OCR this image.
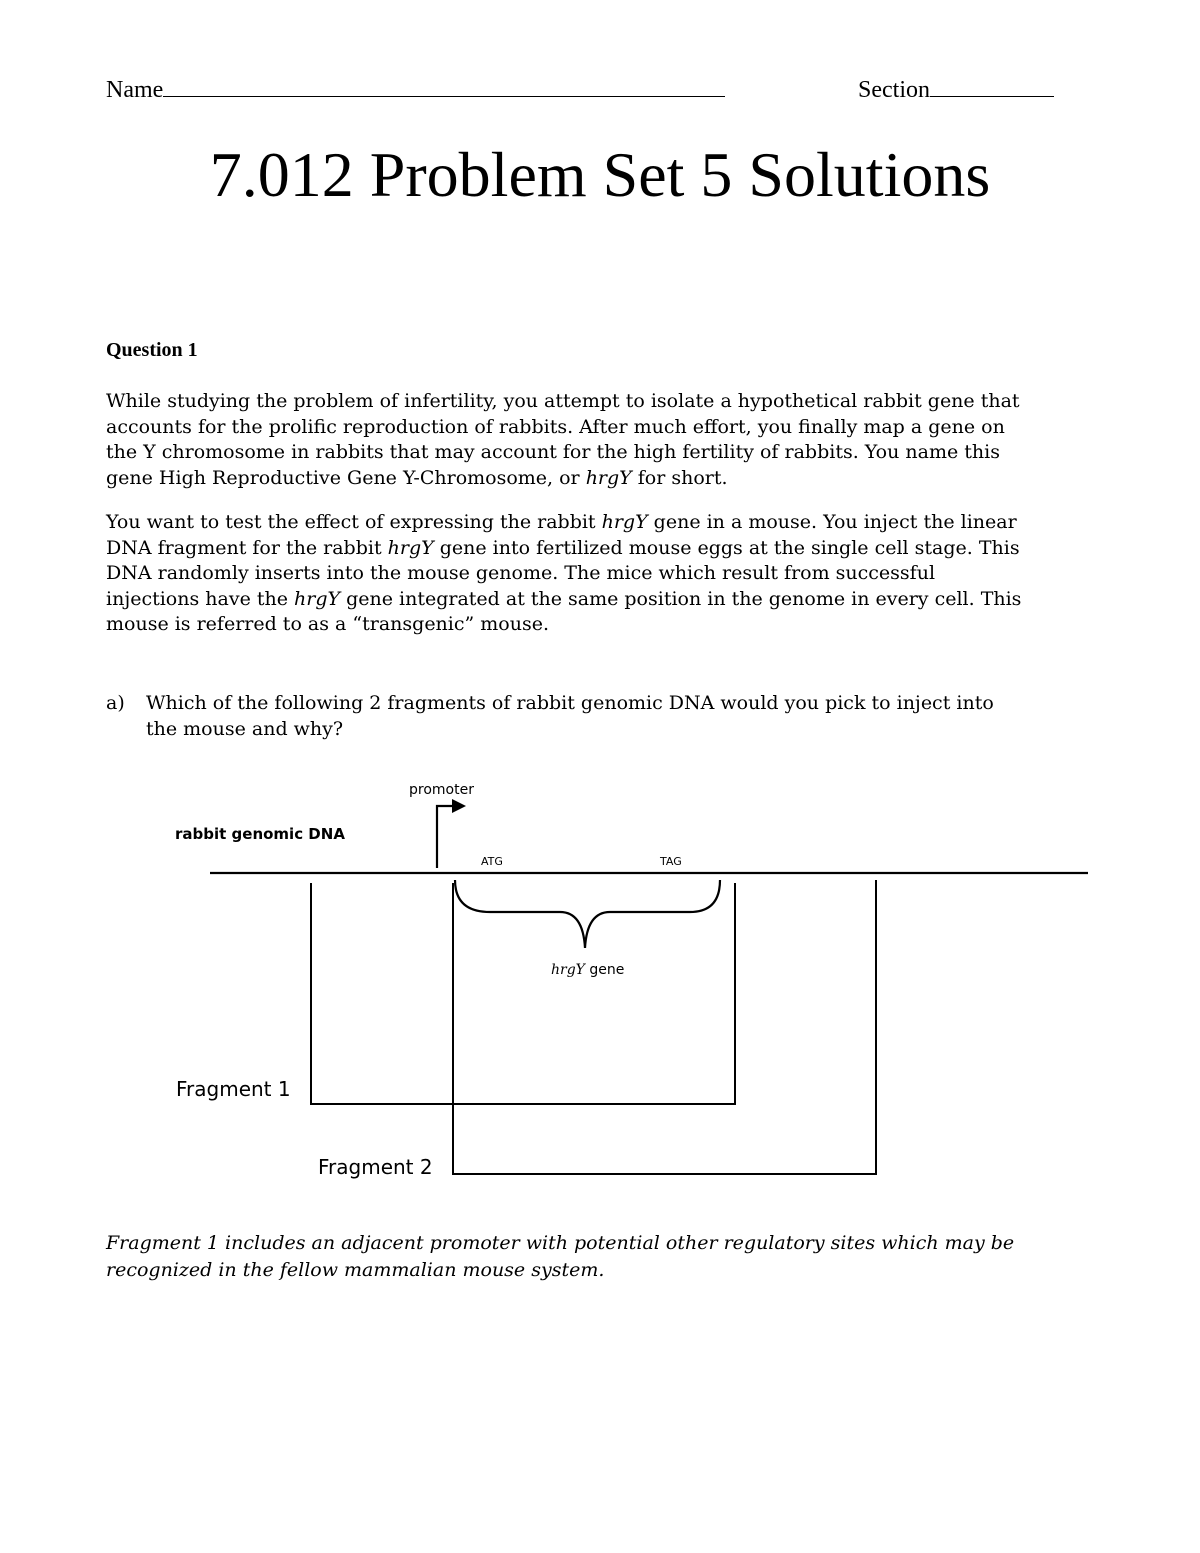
Name	Section
7.012 Problem Set 5 Solutions
Question 1
While studying the problem of infertility, you attempt to isolate a hypothetical rabbit gene that
accounts for the prolific reproduction of rabbits. After much effort, you finally map a gene on
the Y chromosome in rabbits that may account for the high fertility of rabbits. You name this
gene High Reproductive Gene Y-Chromosome, or hrgY for short.
You want to test the effect of expressing the rabbit hrgY gene in a mouse. You inject the linear
DNA fragment for the rabbit hrgY gene into fertilized mouse eggs at the single cell stage. This
DNA randomly inserts into the mouse genome. The mice which result from successful
injections have the hrgY gene integrated at the same position in the genome in every cell. This
mouse is referred to as a “transgenic” mouse.
a) Which of the following 2 fragments of rabbit genomic DNA would you pick to inject into
the mouse and why?
promoter
rabbit genomic DNA
ATG	TAG
hrgY gene
Fragment 1
Fragment 2
Fragment 1 includes an adjacent promoter with potential other regulatory sites which may be
recognized in the fellow mammalian mouse system.
